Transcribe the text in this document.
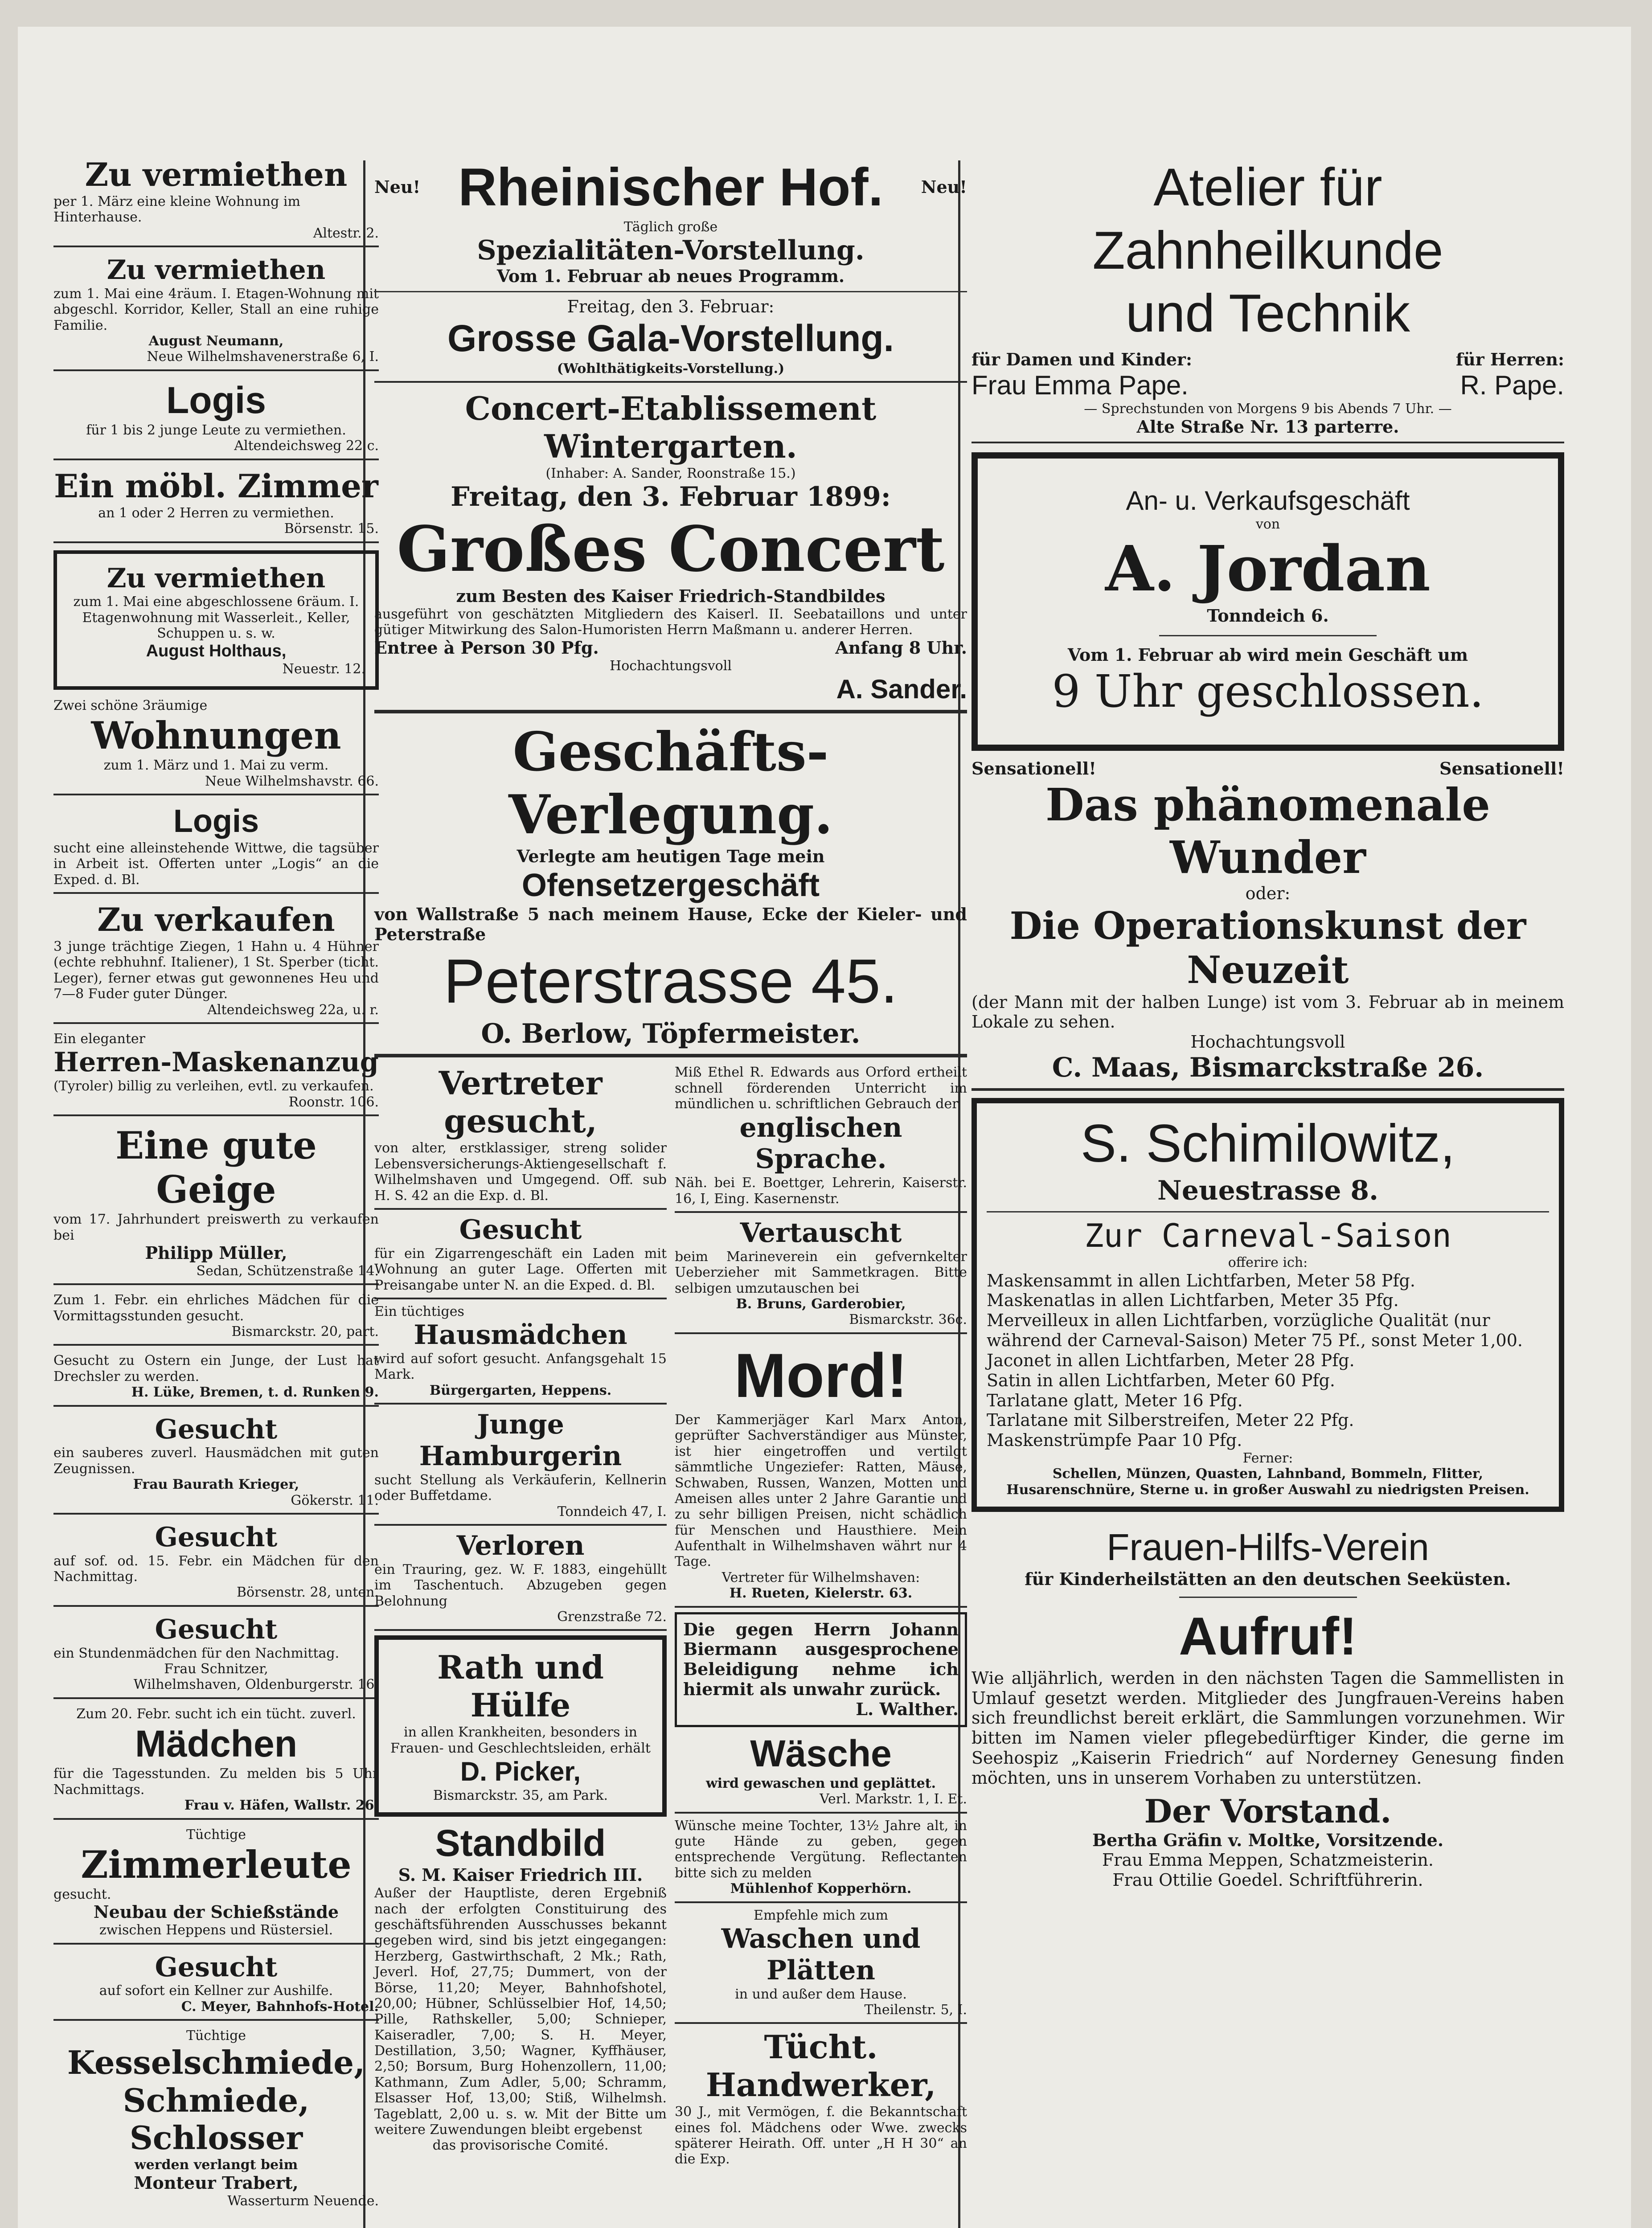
Zu vermiethen
per 1. März eine kleine Wohnung im Hinterhause.
Altestr. 2.
Zu vermiethen
zum 1. Mai eine 4räum. I. Etagen-Wohnung mit abgeschl. Korridor, Keller, Stall an eine ruhige Familie.
August Neumann,
Neue Wilhelmshavenerstraße 6, I.
Logis
für 1 bis 2 junge Leute zu vermiethen.
Altendeichsweg 22 c.
Ein möbl. Zimmer
an 1 oder 2 Herren zu vermiethen.
Börsenstr. 15.
Zu vermiethen
zum 1. Mai eine abgeschlossene 6räum. I. Etagenwohnung mit Wasserleit., Keller, Schuppen u. s. w.
August Holthaus,
Neuestr. 12.
Zwei schöne 3räumige
Wohnungen
zum 1. März und 1. Mai zu verm.
Neue Wilhelmshavstr. 66.
Logis
sucht eine alleinstehende Wittwe, die tagsüber in Arbeit ist. Offerten unter „Logis“ an die Exped. d. Bl.
Zu verkaufen
3 junge trächtige Ziegen, 1 Hahn u. 4 Hühner (echte rebhuhnf. Italiener), 1 St. Sperber (ticht. Leger), ferner etwas gut gewonnenes Heu und 7—8 Fuder guter Dünger.
Altendeichsweg 22a, u. r.
Ein eleganter
Herren-Maskenanzug
(Tyroler) billig zu verleihen, evtl. zu verkaufen.
Roonstr. 106.
Eine gute Geige
vom 17. Jahrhundert preiswerth zu verkaufen bei
Philipp Müller,
Sedan, Schützenstraße 14.
Zum 1. Febr. ein ehrliches Mädchen für die Vormittagsstunden gesucht.
Bismarckstr. 20, part.
Gesucht zu Ostern ein Junge, der Lust hat Drechsler zu werden.
H. Lüke, Bremen, t. d. Runken 9.
Gesucht
ein sauberes zuverl. Hausmädchen mit guten Zeugnissen.
Frau Baurath Krieger,
Gökerstr. 11.
Gesucht
auf sof. od. 15. Febr. ein Mädchen für den Nachmittag.
Börsenstr. 28, unten.
Gesucht
ein Stundenmädchen für den Nachmittag.
Frau Schnitzer,
Wilhelmshaven, Oldenburgerstr. 16.
Zum 20. Febr. sucht ich ein tücht. zuverl.
Mädchen
für die Tagesstunden. Zu melden bis 5 Uhr Nachmittags.
Frau v. Häfen, Wallstr. 26.
Tüchtige
Zimmerleute
gesucht.
Neubau der Schießstände
zwischen Heppens und Rüstersiel.
Gesucht
auf sofort ein Kellner zur Aushilfe.
C. Meyer, Bahnhofs-Hotel.
Tüchtige
Kesselschmiede,
Schmiede,
Schlosser
werden verlangt beim
Monteur Trabert,
Wasserturm Neuende.
Neu! Rheinischer Hof. Neu!
Täglich große
Spezialitäten-Vorstellung.
Vom 1. Februar ab neues Programm.
Freitag, den 3. Februar:
Grosse Gala-Vorstellung.
(Wohlthätigkeits-Vorstellung.)
Concert-Etablissement Wintergarten.
(Inhaber: A. Sander, Roonstraße 15.)
Freitag, den 3. Februar 1899:
Großes Concert
zum Besten des Kaiser Friedrich-Standbildes
ausgeführt von geschätzten Mitgliedern des Kaiserl. II. Seebataillons und unter gütiger Mitwirkung des Salon-Humoristen Herrn Maßmann u. anderer Herren.
Entree à Person 30 Pfg.	Anfang 8 Uhr.
Hochachtungsvoll
A. Sander.
Geschäfts-Verlegung.
Verlegte am heutigen Tage mein
Ofensetzergeschäft
von Wallstraße 5 nach meinem Hause, Ecke der Kieler- und Peterstraße
Peterstrasse 45.
O. Berlow, Töpfermeister.
Vertreter gesucht,
von alter, erstklassiger, streng solider Lebensversicherungs-Aktiengesellschaft f. Wilhelmshaven und Umgegend. Off. sub H. S. 42 an die Exp. d. Bl.
Gesucht
für ein Zigarrengeschäft ein Laden mit Wohnung an guter Lage. Offerten mit Preisangabe unter N. an die Exped. d. Bl.
Ein tüchtiges
Hausmädchen
wird auf sofort gesucht. Anfangsgehalt 15 Mark.
Bürgergarten, Heppens.
Junge Hamburgerin
sucht Stellung als Verkäuferin, Kellnerin oder Buffetdame.
Tonndeich 47, I.
Verloren
ein Trauring, gez. W. F. 1883, eingehüllt im Taschentuch. Abzugeben gegen Belohnung
Grenzstraße 72.
Rath und Hülfe
in allen Krankheiten, besonders in Frauen- und Geschlechtsleiden, erhält
D. Picker,
Bismarckstr. 35, am Park.
Standbild
S. M. Kaiser Friedrich III.
Außer der Hauptliste, deren Ergebniß nach der erfolgten Constituirung des geschäftsführenden Ausschusses bekannt gegeben wird, sind bis jetzt eingegangen: Herzberg, Gastwirthschaft, 2 Mk.; Rath, Jeverl. Hof, 27,75; Dummert, von der Börse, 11,20; Meyer, Bahnhofshotel, 20,00; Hübner, Schlüsselbier Hof, 14,50; Pille, Rathskeller, 5,00; Schnieper, Kaiseradler, 7,00; S. H. Meyer, Destillation, 3,50; Wagner, Kyffhäuser, 2,50; Borsum, Burg Hohenzollern, 11,00; Kathmann, Zum Adler, 5,00; Schramm, Elsasser Hof, 13,00; Stiß, Wilhelmsh. Tageblatt, 2,00 u. s. w. Mit der Bitte um weitere Zuwendungen bleibt ergebenst
das provisorische Comité.
Miß Ethel R. Edwards aus Orford ertheilt schnell förderenden Unterricht im mündlichen u. schriftlichen Gebrauch der
englischen Sprache.
Näh. bei E. Boettger, Lehrerin, Kaiserstr. 16, I, Eing. Kasernenstr.
Vertauscht
beim Marineverein ein gefvernkelter Ueberzieher mit Sammetkragen. Bitte selbigen umzutauschen bei
B. Bruns, Garderobier,
Bismarckstr. 36c.
Mord!
Der Kammerjäger Karl Marx Anton, geprüfter Sachverständiger aus Münster, ist hier eingetroffen und vertilgt sämmtliche Ungeziefer: Ratten, Mäuse, Schwaben, Russen, Wanzen, Motten und Ameisen alles unter 2 Jahre Garantie und zu sehr billigen Preisen, nicht schädlich für Menschen und Hausthiere. Mein Aufenthalt in Wilhelmshaven währt nur 4 Tage.
Vertreter für Wilhelmshaven:
H. Rueten, Kielerstr. 63.
Die gegen Herrn Johann Biermann ausgesprochene Beleidigung nehme ich hiermit als unwahr zurück.
L. Walther.
Wäsche
wird gewaschen und geplättet.
Verl. Markstr. 1, I. Et.
Wünsche meine Tochter, 13½ Jahre alt, in gute Hände zu geben, gegen entsprechende Vergütung. Reflectanten bitte sich zu melden
Mühlenhof Kopperhörn.
Empfehle mich zum
Waschen und Plätten
in und außer dem Hause.
Theilenstr. 5, I.
Tücht. Handwerker,
30 J., mit Vermögen, f. die Bekanntschaft eines fol. Mädchens oder Wwe. zwecks späterer Heirath. Off. unter „H H 30“ an die Exp.
Atelier für Zahnheilkunde
und Technik
für Damen und Kinder:	für Herren:
Frau Emma Pape.	R. Pape.
— Sprechstunden von Morgens 9 bis Abends 7 Uhr. —
Alte Straße Nr. 13 parterre.
An- u. Verkaufsgeschäft
von
A. Jordan
Tonndeich 6.
Vom 1. Februar ab wird mein Geschäft um
9 Uhr geschlossen.
Sensationell!	Sensationell!
Das phänomenale Wunder
oder:
Die Operationskunst der Neuzeit
(der Mann mit der halben Lunge) ist vom 3. Februar ab in meinem Lokale zu sehen.
Hochachtungsvoll
C. Maas, Bismarckstraße 26.
S. Schimilowitz,
Neuestrasse 8.
Zur Carneval-Saison
offerire ich:
Maskensammt in allen Lichtfarben, Meter 58 Pfg.
Maskenatlas in allen Lichtfarben, Meter 35 Pfg.
Merveilleux in allen Lichtfarben, vorzügliche Qualität (nur während der Carneval-Saison) Meter 75 Pf., sonst Meter 1,00.
Jaconet in allen Lichtfarben, Meter 28 Pfg.
Satin in allen Lichtfarben, Meter 60 Pfg.
Tarlatane glatt, Meter 16 Pfg.
Tarlatane mit Silberstreifen, Meter 22 Pfg.
Maskenstrümpfe Paar 10 Pfg.
Ferner:
Schellen, Münzen, Quasten, Lahnband, Bommeln, Flitter, Husarenschnüre, Sterne u. in großer Auswahl zu niedrigsten Preisen.
Frauen-Hilfs-Verein
für Kinderheilstätten an den deutschen Seeküsten.
Aufruf!
Wie alljährlich, werden in den nächsten Tagen die Sammellisten in Umlauf gesetzt werden. Mitglieder des Jungfrauen-Vereins haben sich freundlichst bereit erklärt, die Sammlungen vorzunehmen. Wir bitten im Namen vieler pflegebedürftiger Kinder, die gerne im Seehospiz „Kaiserin Friedrich“ auf Norderney Genesung finden möchten, uns in unserem Vorhaben zu unterstützen.
Der Vorstand.
Bertha Gräfin v. Moltke, Vorsitzende.
Frau Emma Meppen, Schatzmeisterin.
Frau Ottilie Goedel. Schriftführerin.
